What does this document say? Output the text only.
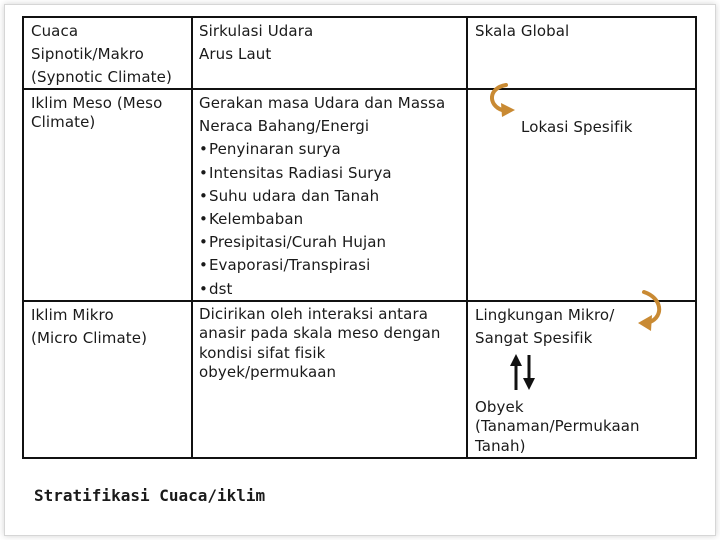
Cuaca
Sipnotik/Makro
(Sypnotic Climate)
Sirkulasi Udara
Arus Laut
Skala Global
Iklim Meso (Meso
Climate)
Gerakan masa Udara dan Massa
Neraca Bahang/Energi
• Penyinaran surya
• Intensitas Radiasi Surya
• Suhu udara dan Tanah
• Kelembaban
• Presipitasi/Curah Hujan
• Evaporasi/Transpirasi
• dst
Lokasi Spesifik
Iklim Mikro
(Micro Climate)
Dicirikan oleh interaksi antara
anasir pada skala meso dengan
kondisi sifat fisik
obyek/permukaan
Lingkungan Mikro/
Sangat Spesifik
Obyek
(Tanaman/Permukaan
Tanah)
Stratifikasi Cuaca/iklim
